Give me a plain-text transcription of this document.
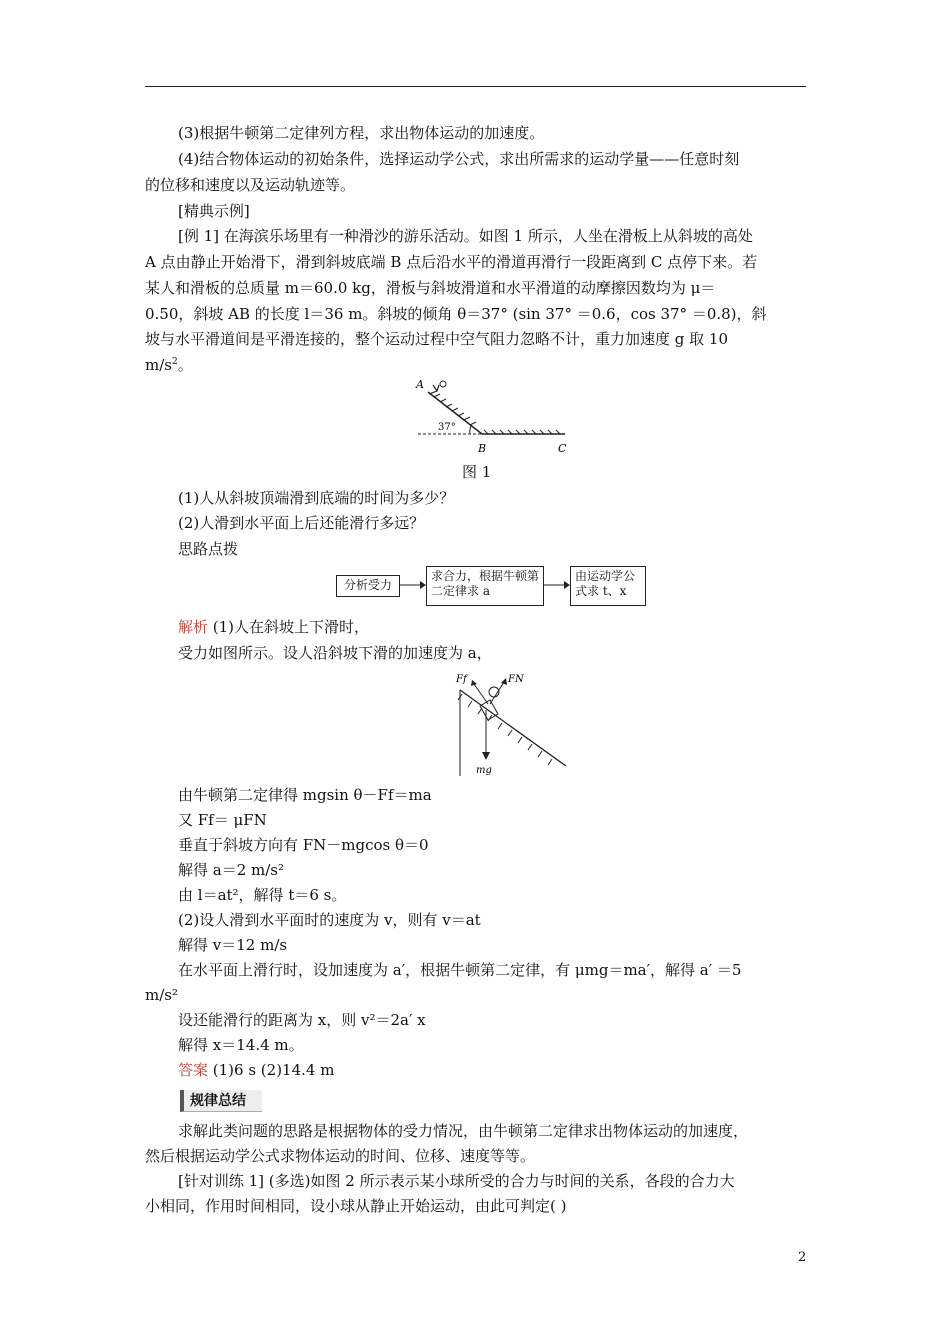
(3)根据牛顿第二定律列方程，求出物体运动的加速度。
(4)结合物体运动的初始条件，选择运动学公式，求出所需求的运动学量——任意时刻
的位移和速度以及运动轨迹等。
[精典示例]
[例 1] 在海滨乐场里有一种滑沙的游乐活动。如图 1 所示，人坐在滑板上从斜坡的高处
A 点由静止开始滑下，滑到斜坡底端 B 点后沿水平的滑道再滑行一段距离到 C 点停下来。若
某人和滑板的总质量 m＝60.0 kg，滑板与斜坡滑道和水平滑道的动摩擦因数均为 μ＝
0.50，斜坡 AB 的长度 l＝36 m。斜坡的倾角 θ＝37° (sin 37° ＝0.6，cos 37° ＝0.8)，斜
坡与水平滑道间是平滑连接的，整个运动过程中空气阻力忽略不计，重力加速度 g 取 10
$m/s^2$。
A
37°
B	C
图 1
(1)人从斜坡顶端滑到底端的时间为多少？
(2)人滑到水平面上后还能滑行多远？
思路点拨
分析受力
求合力，根据牛顿第二定律求 a
由运动学公式求 t、x
解析 (1)人在斜坡上下滑时，
受力如图所示。设人沿斜坡下滑的加速度为 a，
Ff	FN
mg
由牛顿第二定律得 mgsin θ－Ff＝ma
又 Ff＝ μFN
垂直于斜坡方向有 FN－mgcos θ＝0
解得 a＝2 m/s²
由 l＝at²，解得 t＝6 s。
(2)设人滑到水平面时的速度为 v，则有 v＝at
解得 v＝12 m/s
在水平面上滑行时，设加速度为 a′，根据牛顿第二定律，有 μmg＝ma′，解得 a′ ＝5
m/s²
设还能滑行的距离为 x，则 v²＝2a′ x
解得 x＝14.4 m。
答案 (1)6 s (2)14.4 m
规律总结
求解此类问题的思路是根据物体的受力情况，由牛顿第二定律求出物体运动的加速度，
然后根据运动学公式求物体运动的时间、位移、速度等等。
[针对训练 1] (多选)如图 2 所示表示某小球所受的合力与时间的关系，各段的合力大
小相同，作用时间相同，设小球从静止开始运动，由此可判定( )
2
